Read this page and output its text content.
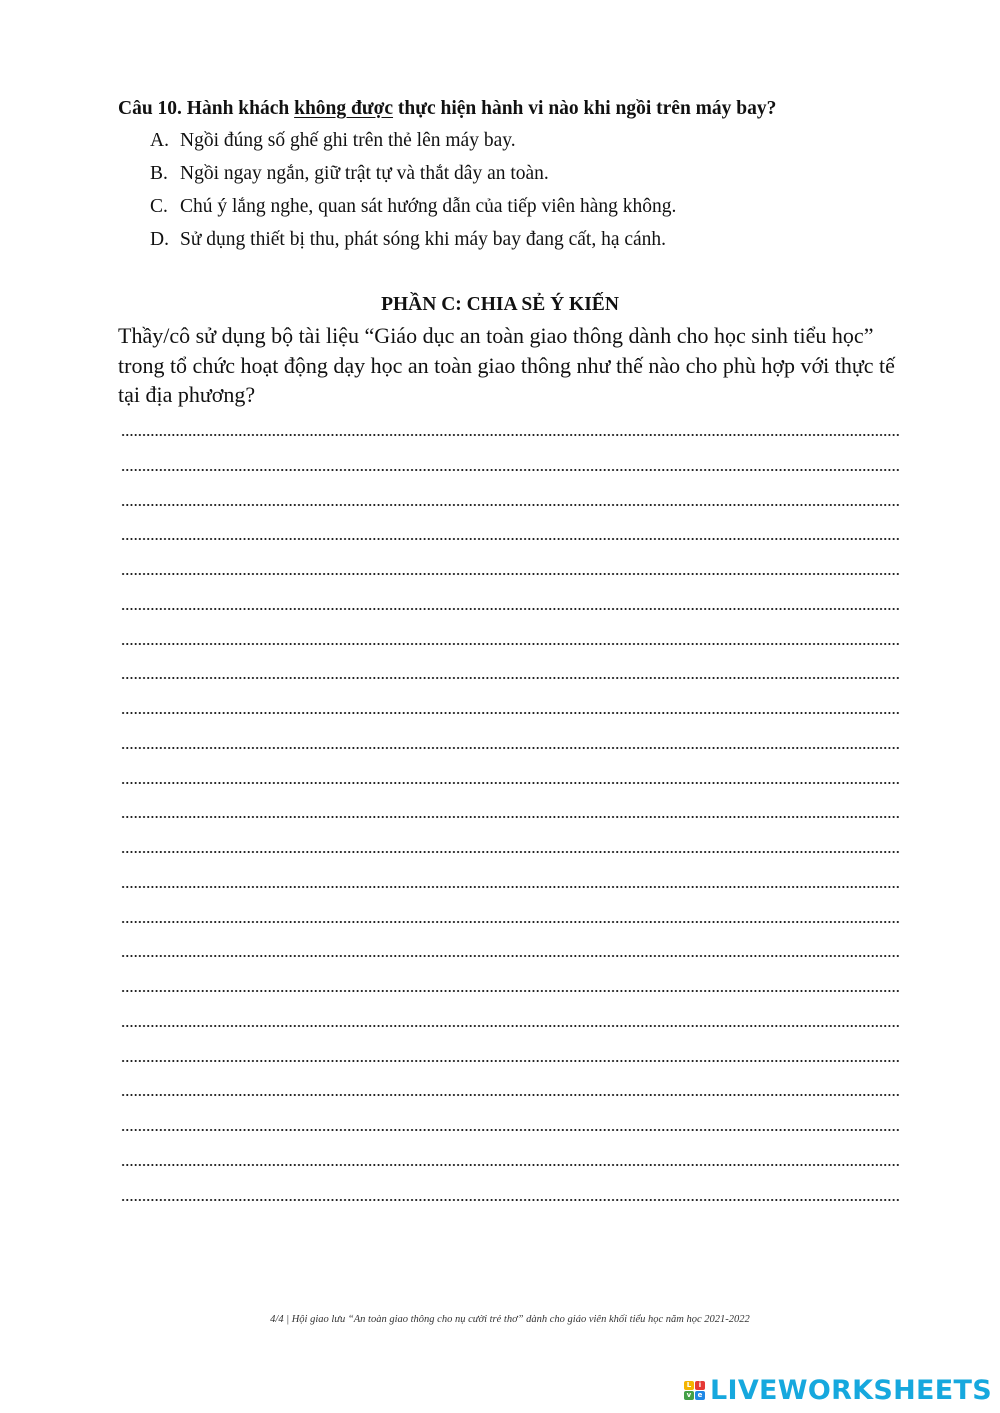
Câu 10. Hành khách không được thực hiện hành vi nào khi ngồi trên máy bay?
A. Ngồi đúng số ghế ghi trên thẻ lên máy bay.
B. Ngồi ngay ngắn, giữ trật tự và thắt dây an toàn.
C. Chú ý lắng nghe, quan sát hướng dẫn của tiếp viên hàng không.
D. Sử dụng thiết bị thu, phát sóng khi máy bay đang cất, hạ cánh.
PHẦN C: CHIA SẺ Ý KIẾN
Thầy/cô sử dụng bộ tài liệu “Giáo dục an toàn giao thông dành cho học sinh tiểu học” trong tổ chức hoạt động dạy học an toàn giao thông như thế nào cho phù hợp với thực tế tại địa phương?
4/4 | Hội giao lưu “An toàn giao thông cho nụ cười trẻ thơ” dành cho giáo viên khối tiểu học năm học 2021-2022
L	i
v e LIVEWORKSHEETS
